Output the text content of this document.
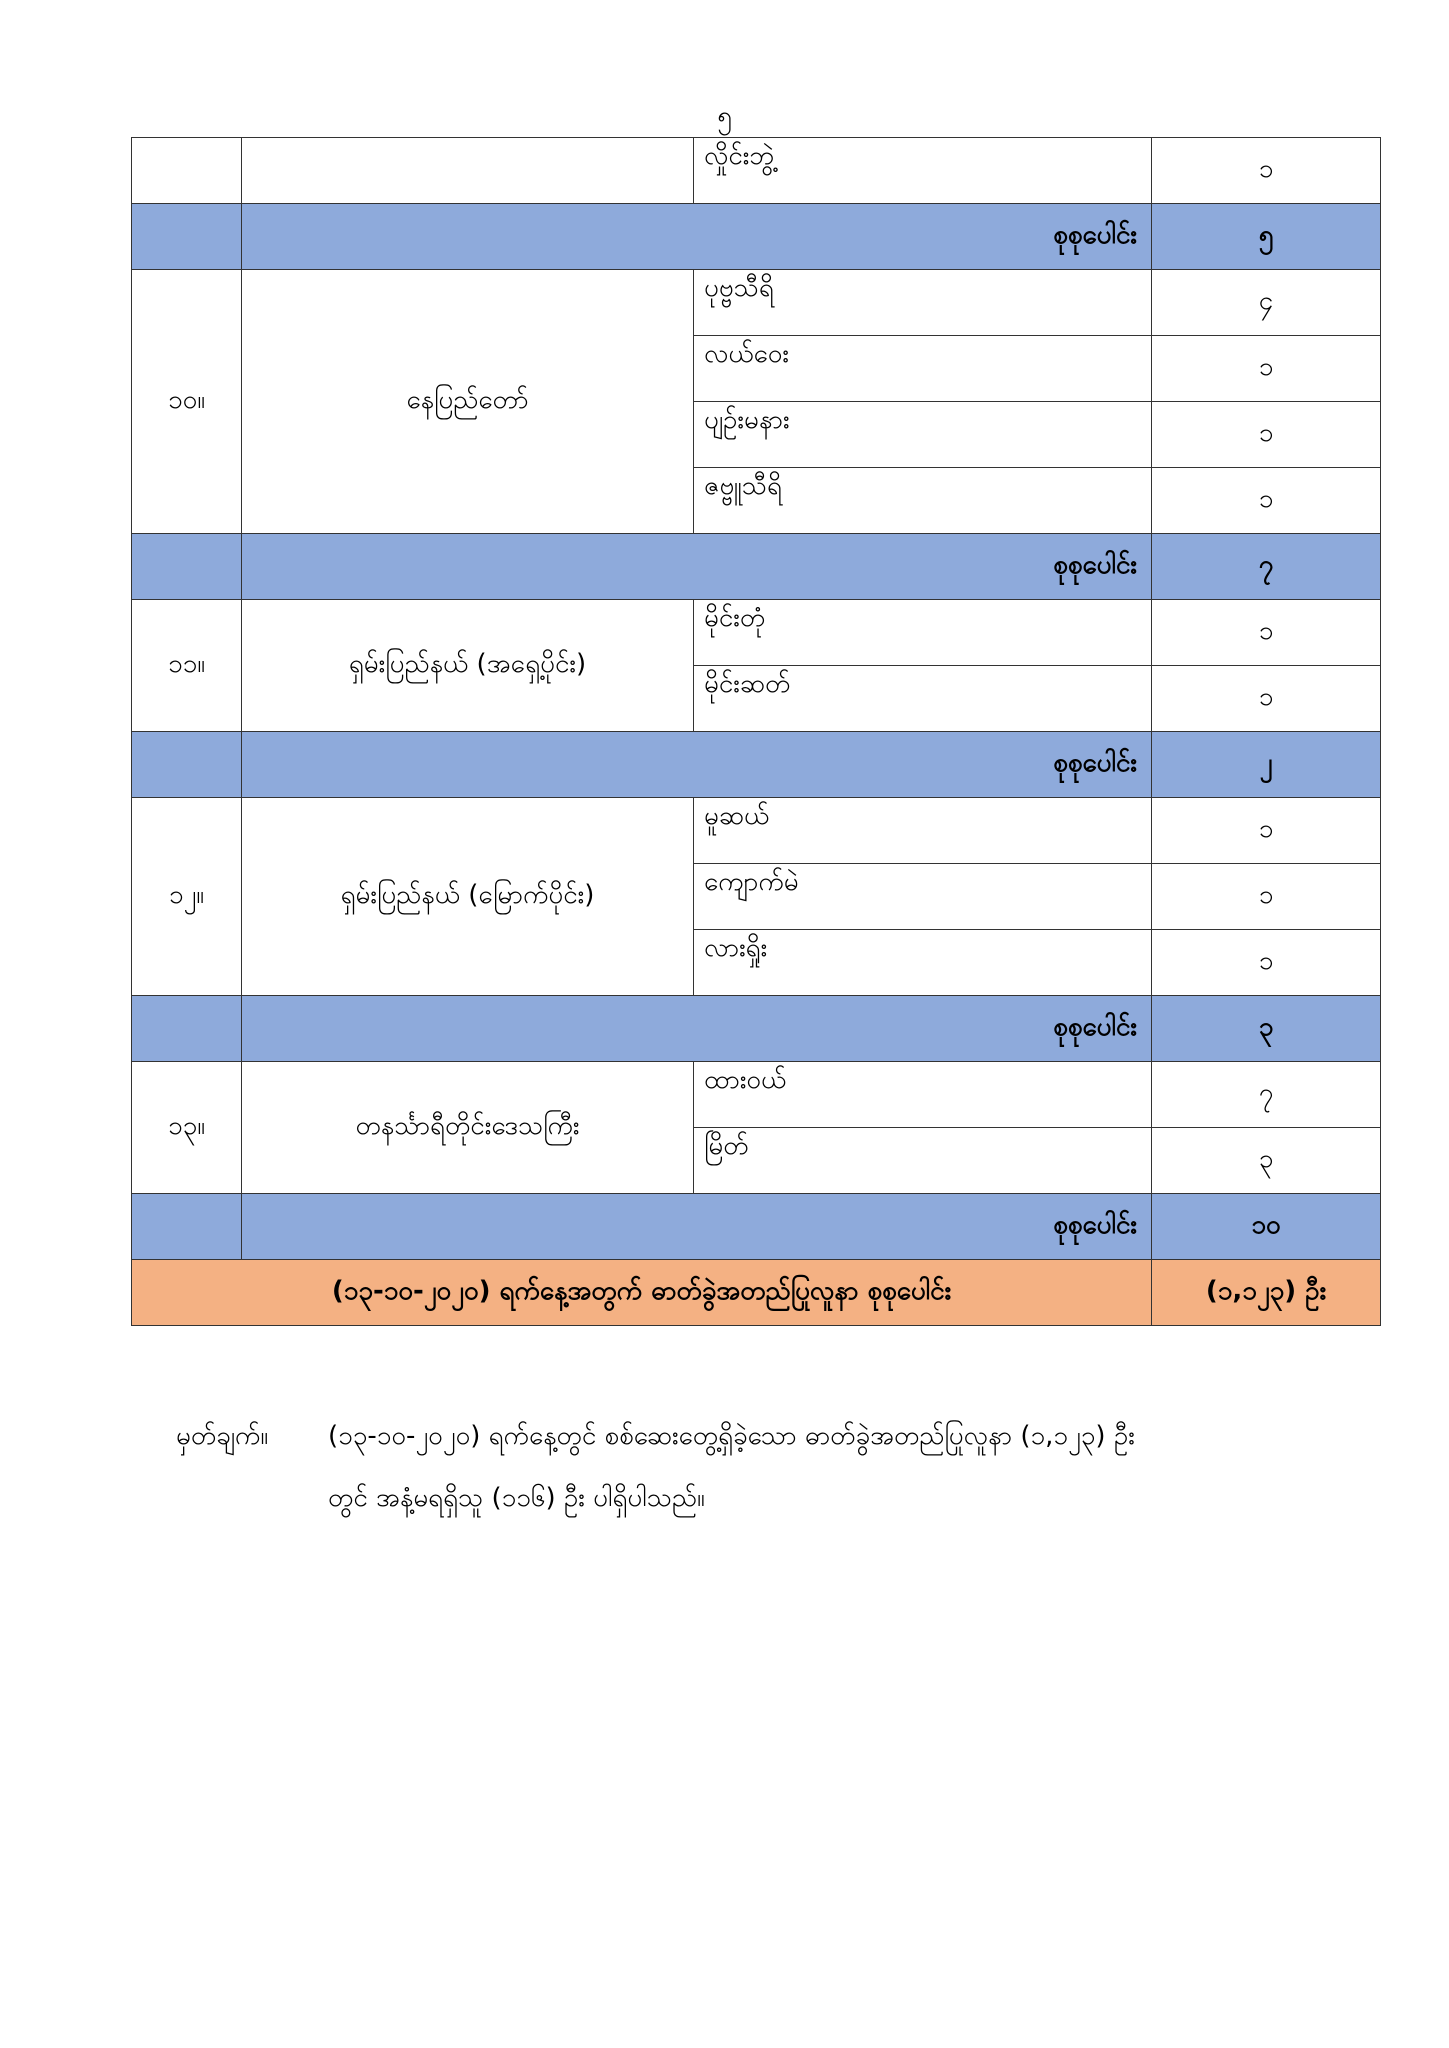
၅
		လှိုင်းဘွဲ့	၁
	စုစုပေါင်း		၅
၁၀။	နေပြည်တော်	ပုဗ္ဗသီရိ	၄
		လယ်ဝေး	၁
		ပျဉ်းမနား	၁
		ဇဗ္ဗူသီရိ	၁
	စုစုပေါင်း		၇
၁၁။	ရှမ်းပြည်နယ် (အရှေ့ပိုင်း)	မိုင်းတုံ	၁
		မိုင်းဆတ်	၁
	စုစုပေါင်း		၂
၁၂။	ရှမ်းပြည်နယ် (မြောက်ပိုင်း)	မူဆယ်	၁
		ကျောက်မဲ	၁
		လားရှိုး	၁
	စုစုပေါင်း		၃
၁၃။	တနင်္သာရီတိုင်းဒေသကြီး	ထားဝယ်	၇
		မြိတ်	၃
	စုစုပေါင်း		၁၀
(၁၃-၁၀-၂၀၂၀) ရက်နေ့အတွက် ဓာတ်ခွဲအတည်ပြုလူနာ စုစုပေါင်း			(၁,၁၂၃) ဦး
မှတ်ချက်။ (၁၃-၁၀-၂၀၂၀) ရက်နေ့တွင် စစ်ဆေးတွေ့ရှိခဲ့သော ဓာတ်ခွဲအတည်ပြုလူနာ (၁,၁၂၃) ဦး
တွင် အနံ့မရရှိသူ (၁၁၆) ဦး ပါရှိပါသည်။
